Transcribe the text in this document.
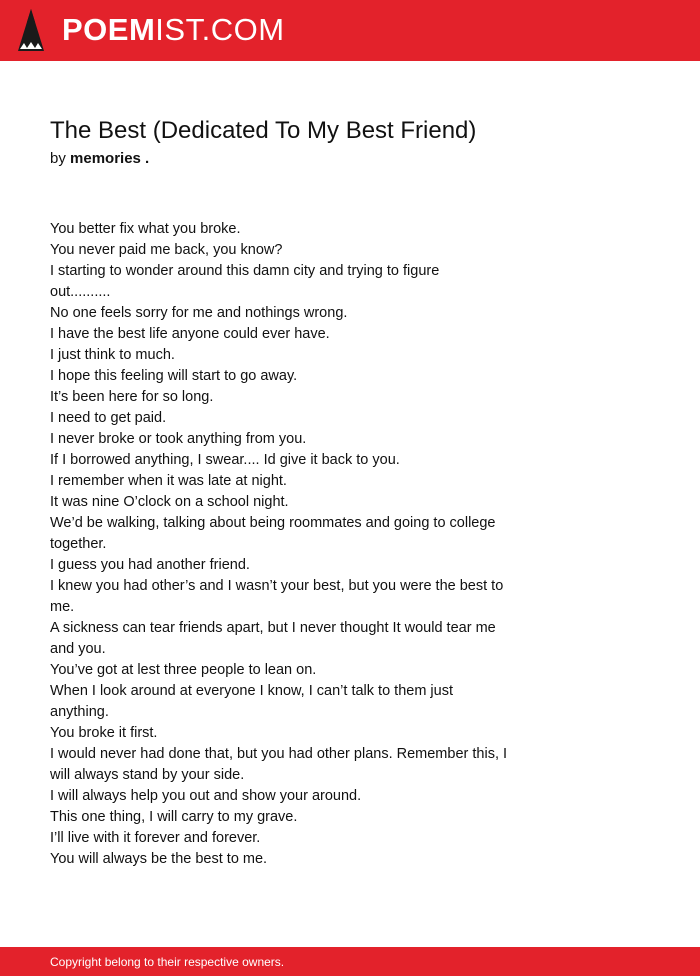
POEMIST.COM
The Best (Dedicated To My Best Friend)
by memories .
You better fix what you broke.
You never paid me back, you know?
I starting to wonder around this damn city and trying to figure
out..........
No one feels sorry for me and nothings wrong.
I have the best life anyone could ever have.
I just think to much.
I hope this feeling will start to go away.
It’s been here for so long.
I need to get paid.
I never broke or took anything from you.
If I borrowed anything, I swear.... Id give it back to you.
I remember when it was late at night.
It was nine O’clock on a school night.
We’d be walking, talking about being roommates and going to college
together.
I guess you had another friend.
I knew you had other’s and I wasn’t your best, but you were the best to
me.
A sickness can tear friends apart, but I never thought It would tear me
and you.
You’ve got at lest three people to lean on.
When I look around at everyone I know, I can’t talk to them just
anything.
You broke it first.
I would never had done that, but you had other plans. Remember this, I
will always stand by your side.
I will always help you out and show your around.
This one thing, I will carry to my grave.
I’ll live with it forever and forever.
You will always be the best to me.
Copyright belong to their respective owners.
